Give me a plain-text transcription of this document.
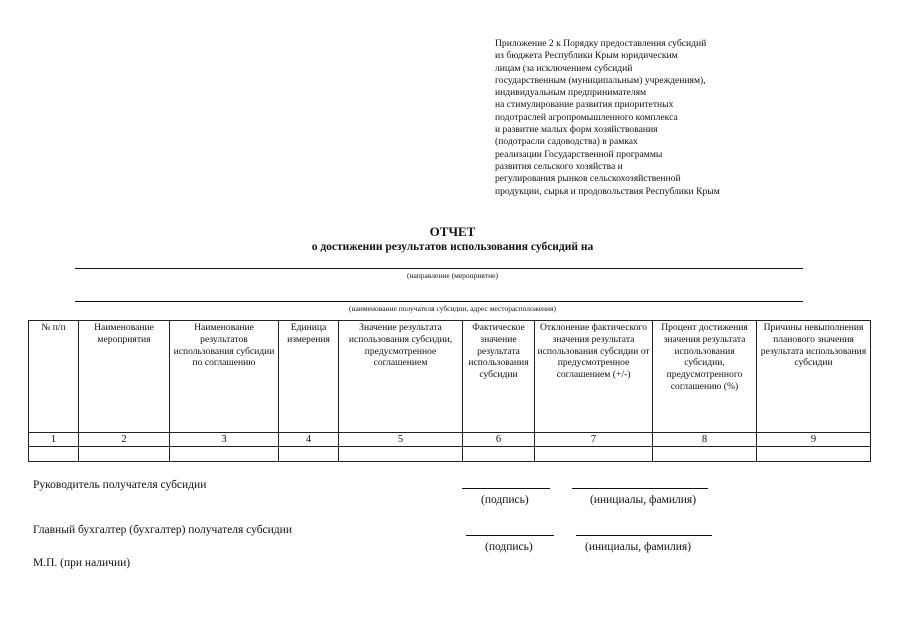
Приложение 2 к Порядку предоставления субсидий
из бюджета Республики Крым юридическим
лицам (за исключением субсидий
государственным (муниципальным) учреждениям),
индивидуальным предпринимателям
на стимулирование развития приоритетных
подотраслей агропромышленного комплекса
и развитие малых форм хозяйствования
(подотрасли садоводства) в рамках
реализации Государственной программы
развития сельского хозяйства и
регулирования рынков сельскохозяйственной
продукции, сырья и продовольствия Республики Крым
ОТЧЕТ
о достижении результатов использования субсидий на
(направление (мероприятие)
(наименование получателя субсидии, адрес месторасположения)
№ п/п	Наименование мероприятия	Наименование результатов использования субсидии по соглашению	Единица измерения	Значение результата использования субсидии, предусмотренное соглашением	Фактическое значение результата использования субсидии	Отклонение фактического значения результата использования субсидии от предусмотренное соглашением (+/-)	Процент достижения значения результата использования субсидии, предусмотренного соглашению (%)	Причины невыполнения планового значения результата использования субсидии
1	2	3	4	5	6	7	8	9

Руководитель получателя субсидии
(подпись)	(инициалы, фамилия)
Главный бухгалтер (бухгалтер) получателя субсидии
(подпись)	(инициалы, фамилия)
М.П. (при наличии)
